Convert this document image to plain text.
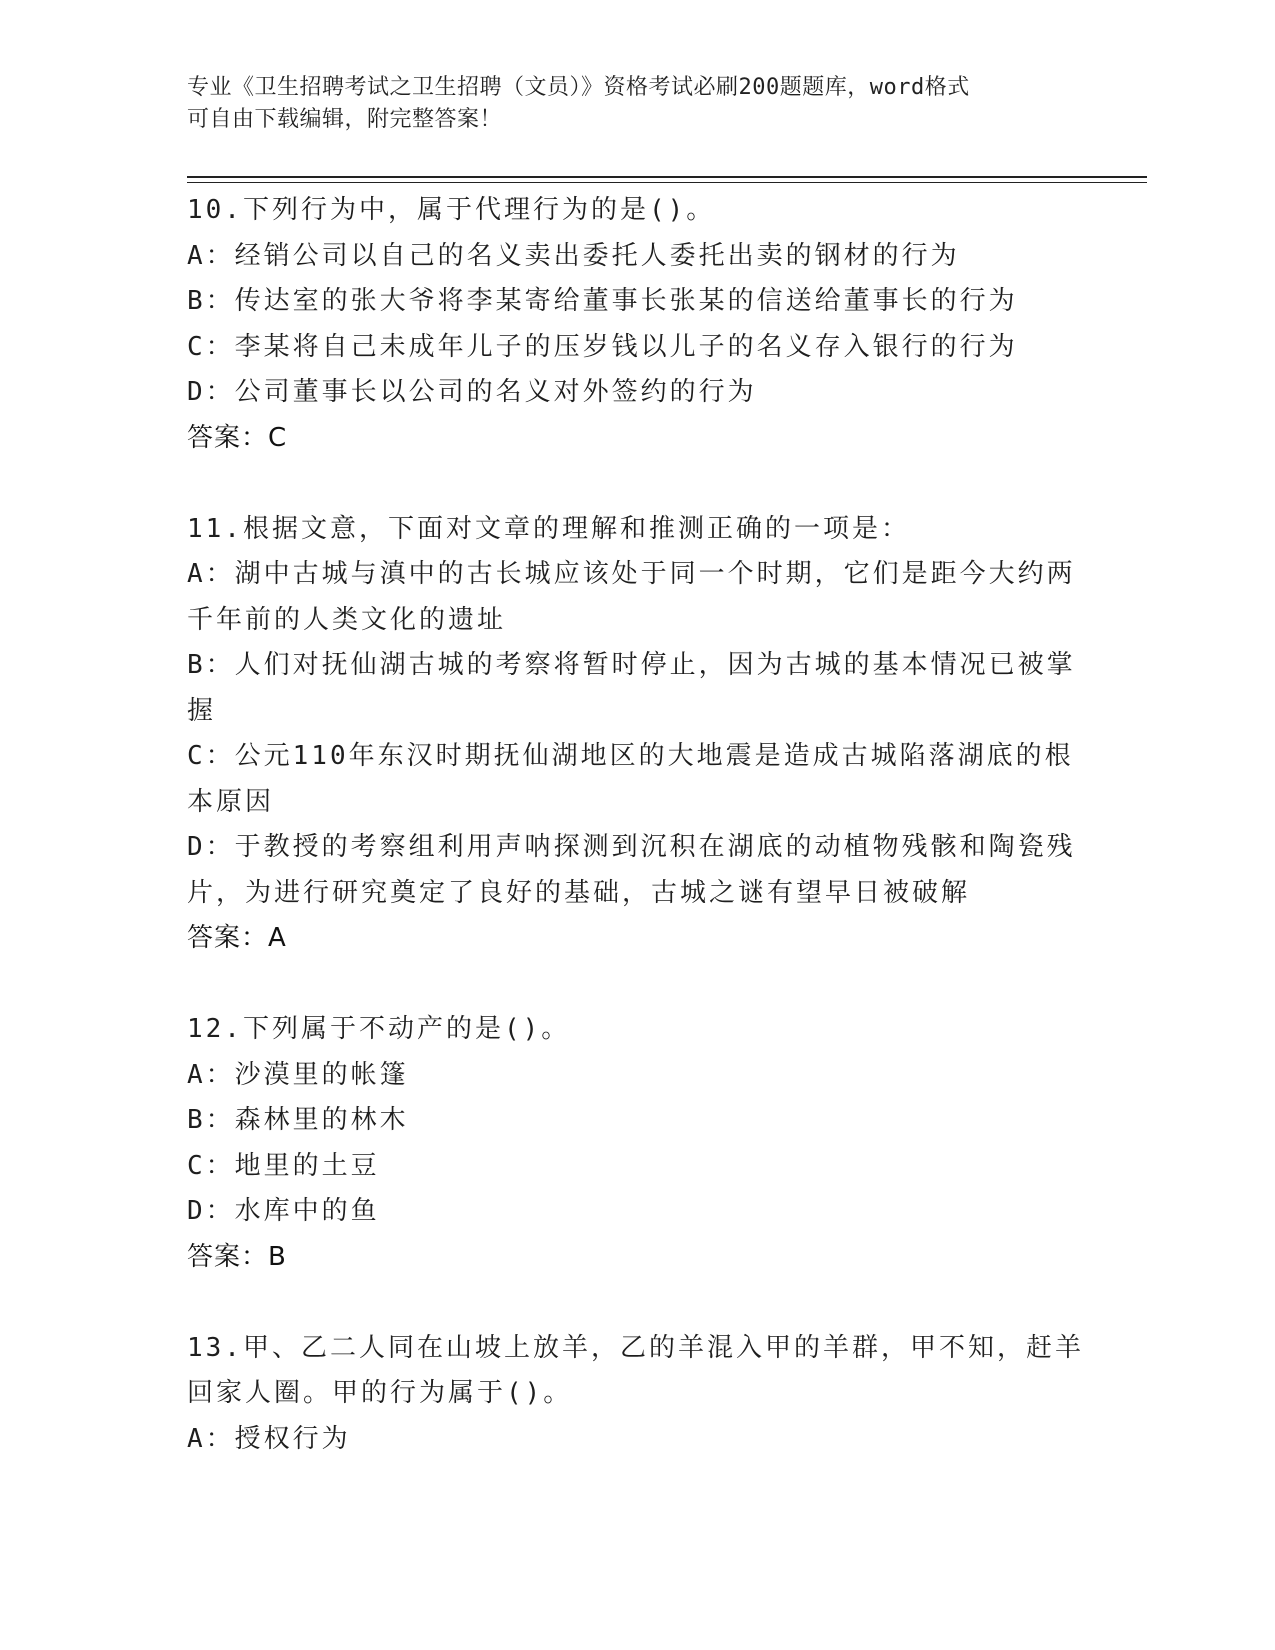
专业《卫生招聘考试之卫生招聘（文员）》资格考试必刷200题题库，word格式
可自由下载编辑，附完整答案！
10.下列行为中，属于代理行为的是()。
A：经销公司以自己的名义卖出委托人委托出卖的钢材的行为
B：传达室的张大爷将李某寄给董事长张某的信送给董事长的行为
C：李某将自己未成年儿子的压岁钱以儿子的名义存入银行的行为
D：公司董事长以公司的名义对外签约的行为
答案：C
11.根据文意，下面对文章的理解和推测正确的一项是：
A：湖中古城与滇中的古长城应该处于同一个时期，它们是距今大约两
千年前的人类文化的遗址
B：人们对抚仙湖古城的考察将暂时停止，因为古城的基本情况已被掌
握
C：公元110年东汉时期抚仙湖地区的大地震是造成古城陷落湖底的根
本原因
D：于教授的考察组利用声呐探测到沉积在湖底的动植物残骸和陶瓷残
片，为进行研究奠定了良好的基础，古城之谜有望早日被破解
答案：A
12.下列属于不动产的是()。
A：沙漠里的帐篷
B：森林里的林木
C：地里的土豆
D：水库中的鱼
答案：B
13.甲、乙二人同在山坡上放羊，乙的羊混入甲的羊群，甲不知，赶羊
回家人圈。甲的行为属于()。
A：授权行为
